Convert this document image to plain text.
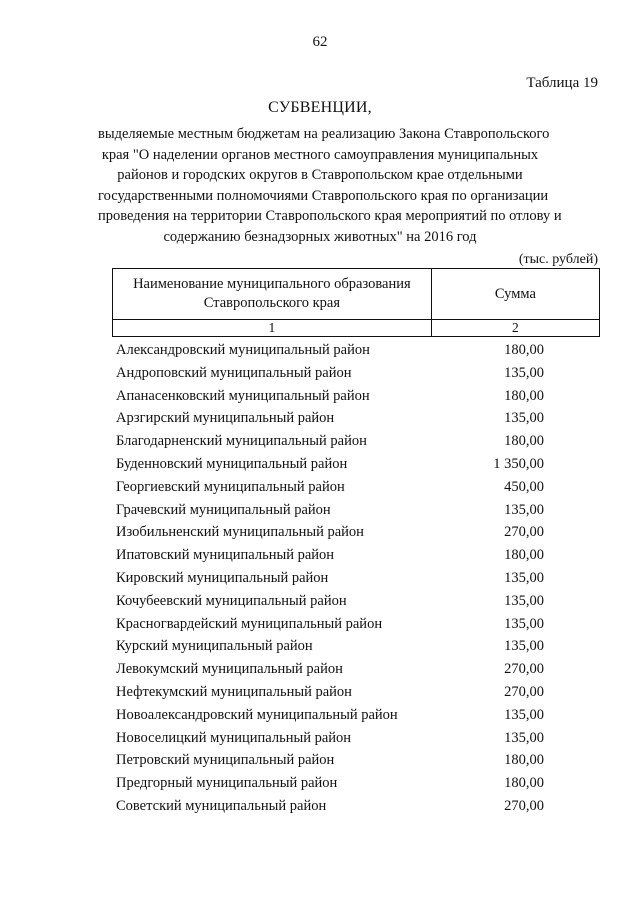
62
Таблица 19
СУБВЕНЦИИ,
выделяемые местным бюджетам на реализацию Закона Ставропольского
края "О наделении органов местного самоуправления муниципальных
районов и городских округов в Ставропольском крае отдельными
государственными полномочиями Ставропольского края по организации
проведения на территории Ставропольского края мероприятий по отлову и
содержанию безнадзорных животных" на 2016 год
(тыс. рублей)
Наименование муниципального образования
Ставропольского края	Сумма
1	2
Александровский муниципальный район	180,00
Андроповский муниципальный район	135,00
Апанасенковский муниципальный район	180,00
Арзгирский муниципальный район	135,00
Благодарненский муниципальный район	180,00
Буденновский муниципальный район	1 350,00
Георгиевский муниципальный район	450,00
Грачевский муниципальный район	135,00
Изобильненский муниципальный район	270,00
Ипатовский муниципальный район	180,00
Кировский муниципальный район	135,00
Кочубеевский муниципальный район	135,00
Красногвардейский муниципальный район	135,00
Курский муниципальный район	135,00
Левокумский муниципальный район	270,00
Нефтекумский муниципальный район	270,00
Новоалександровский муниципальный район	135,00
Новоселицкий муниципальный район	135,00
Петровский муниципальный район	180,00
Предгорный муниципальный район	180,00
Советский муниципальный район	270,00
